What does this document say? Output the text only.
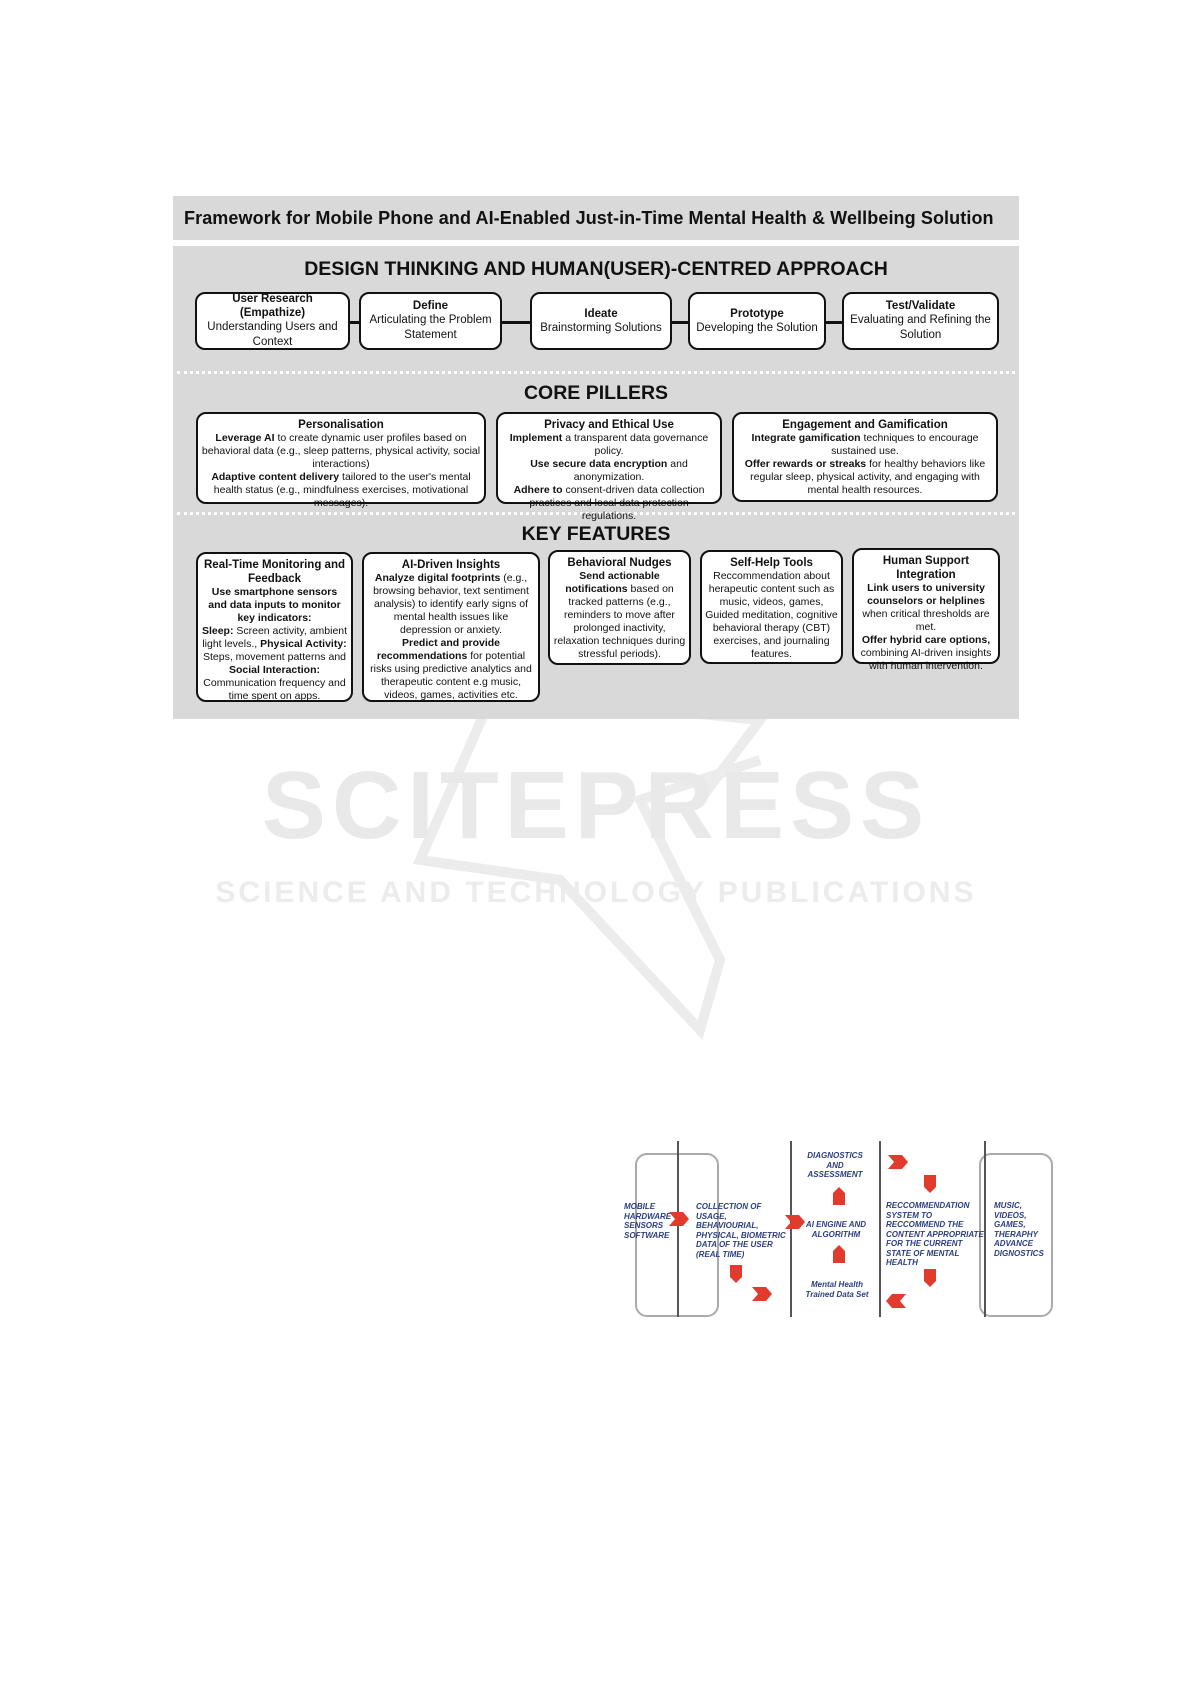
SCITEPRESS
SCIENCE AND TECHNOLOGY PUBLICATIONS
Framework for Mobile Phone and AI-Enabled Just-in-Time Mental Health & Wellbeing Solution
DESIGN THINKING AND HUMAN(USER)-CENTRED APPROACH
User Research (Empathize)
Understanding Users and Context
Define
Articulating the Problem Statement
Ideate
Brainstorming Solutions
Prototype
Developing the Solution
Test/Validate
Evaluating and Refining the Solution
CORE PILLERS
Personalisation
Leverage AI to create dynamic user profiles based on behavioral data (e.g., sleep patterns, physical activity, social interactions)
Adaptive content delivery tailored to the user's mental health status (e.g., mindfulness exercises, motivational messages).
Privacy and Ethical Use
Implement a transparent data governance policy.
Use secure data encryption and anonymization.
Adhere to consent-driven data collection practices and local data protection regulations.
Engagement and Gamification
Integrate gamification techniques to encourage sustained use.
Offer rewards or streaks for healthy behaviors like regular sleep, physical activity, and engaging with mental health resources.
KEY FEATURES
Real-Time Monitoring and Feedback
Use smartphone sensors and data inputs to monitor key indicators:
Sleep: Screen activity, ambient light levels., Physical Activity: Steps, movement patterns and Social Interaction: Communication frequency and time spent on apps.
AI-Driven Insights
Analyze digital footprints (e.g., browsing behavior, text sentiment analysis) to identify early signs of mental health issues like depression or anxiety.
Predict and provide recommendations for potential risks using predictive analytics and therapeutic content e.g music, videos, games, activities etc.
Behavioral Nudges
Send actionable notifications based on tracked patterns (e.g., reminders to move after prolonged inactivity, relaxation techniques during stressful periods).
Self-Help Tools
Reccommendation about herapeutic content such as music, videos, games, Guided meditation, cognitive behavioral therapy (CBT) exercises, and journaling features.
Human Support Integration
Link users to university counselors or helplines when critical thresholds are met.
Offer hybrid care options, combining AI-driven insights with human intervention.
MOBILE HARDWARE SENSORS SOFTWARE
COLLECTION OF USAGE, BEHAVIOURIAL, PHYSICAL, BIOMETRIC DATA OF THE USER (REAL TIME)
DIAGNOSTICS AND ASSESSMENT
AI ENGINE AND ALGORITHM
Mental Health Trained Data Set
RECCOMMENDATION SYSTEM TO RECCOMMEND THE CONTENT APPROPRIATE FOR THE CURRENT STATE OF MENTAL HEALTH
MUSIC, VIDEOS, GAMES, THERAPHY ADVANCE DIGNOSTICS
